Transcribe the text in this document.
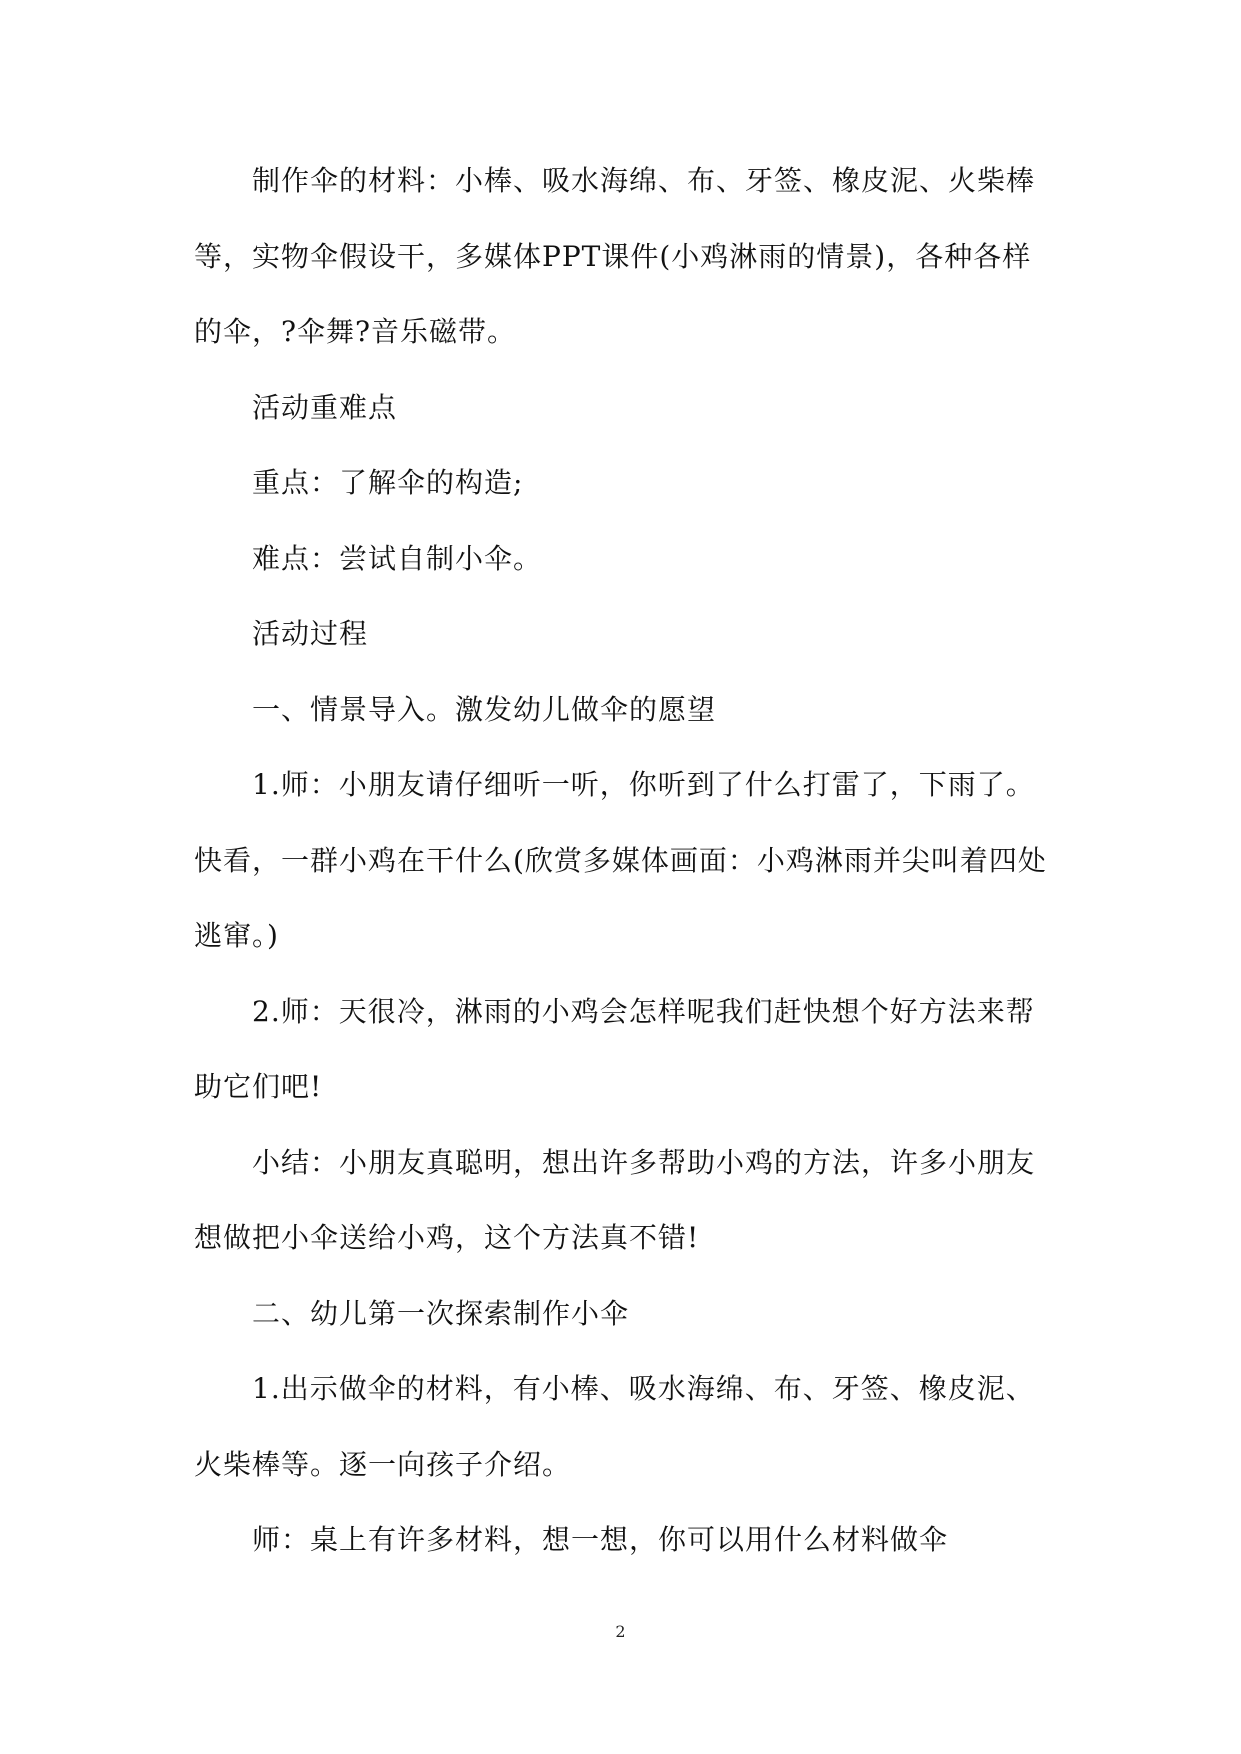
制作伞的材料：小棒、吸水海绵、布、牙签、橡皮泥、火柴棒等，实物伞假设干，多媒体PPT课件(小鸡淋雨的情景)，各种各样的伞，?伞舞?音乐磁带。

活动重难点

重点：了解伞的构造;

难点：尝试自制小伞。

活动过程

一、情景导入。激发幼儿做伞的愿望

1.师：小朋友请仔细听一听，你听到了什么打雷了，下雨了。快看，一群小鸡在干什么(欣赏多媒体画面：小鸡淋雨并尖叫着四处逃窜。)

2.师：天很冷，淋雨的小鸡会怎样呢我们赶快想个好方法来帮助它们吧!

小结：小朋友真聪明，想出许多帮助小鸡的方法，许多小朋友想做把小伞送给小鸡，这个方法真不错!

二、幼儿第一次探索制作小伞

1.出示做伞的材料，有小棒、吸水海绵、布、牙签、橡皮泥、火柴棒等。逐一向孩子介绍。

师：桌上有许多材料，想一想，你可以用什么材料做伞

2
